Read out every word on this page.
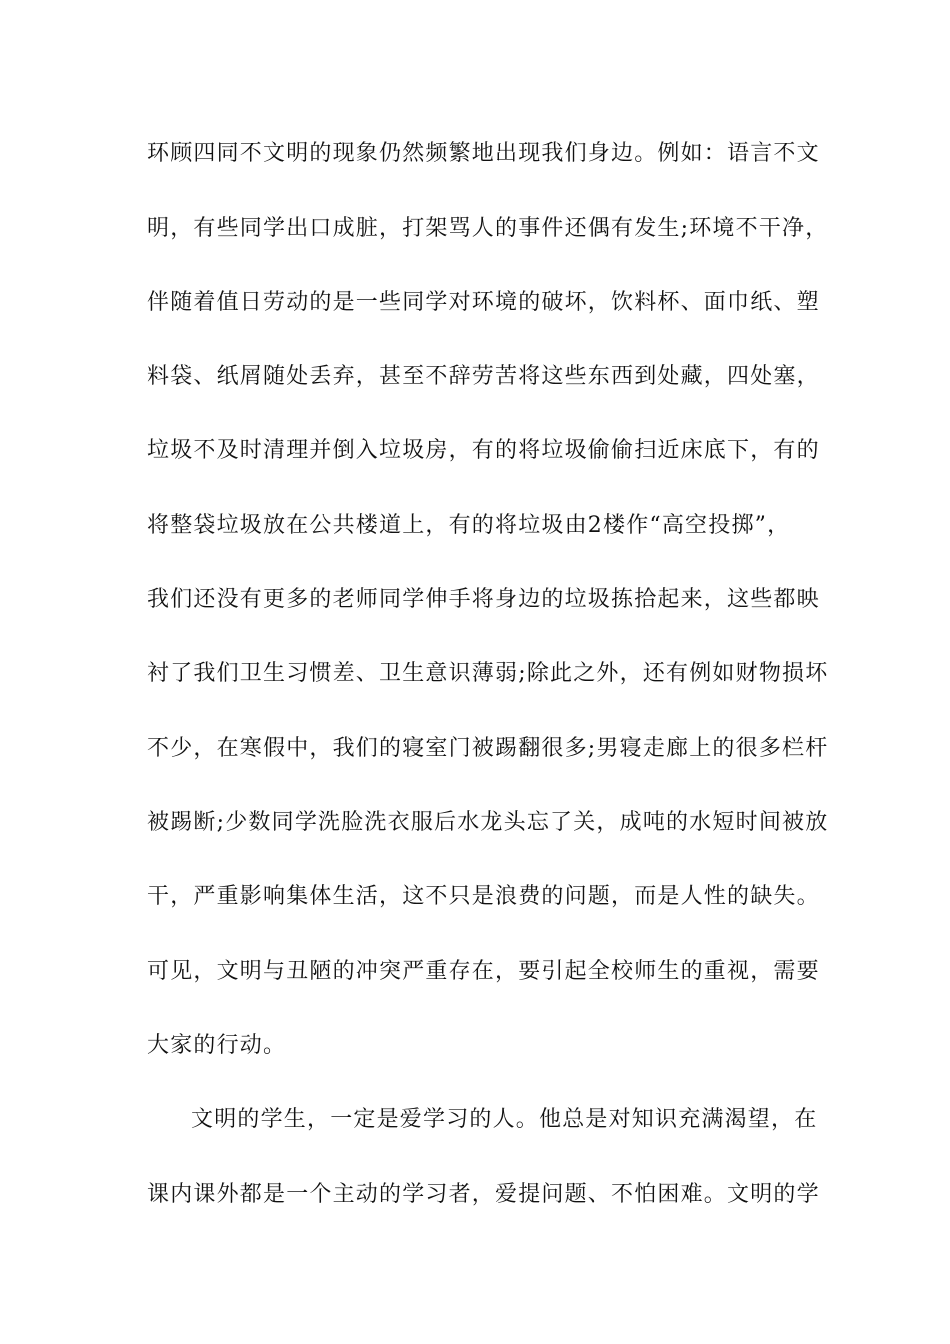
环顾四同不文明的现象仍然频繁地出现我们身边。例如：语言不文
明，有些同学出口成脏，打架骂人的事件还偶有发生;环境不干净，
伴随着值日劳动的是一些同学对环境的破坏，饮料杯、面巾纸、塑
料袋、纸屑随处丢弃，甚至不辞劳苦将这些东西到处藏，四处塞，
垃圾不及时清理并倒入垃圾房，有的将垃圾偷偷扫近床底下，有的
将整袋垃圾放在公共楼道上，有的将垃圾由2楼作“高空投掷”，
我们还没有更多的老师同学伸手将身边的垃圾拣拾起来，这些都映
衬了我们卫生习惯差、卫生意识薄弱;除此之外，还有例如财物损坏
不少，在寒假中，我们的寝室门被踢翻很多;男寝走廊上的很多栏杆
被踢断;少数同学洗脸洗衣服后水龙头忘了关，成吨的水短时间被放
干，严重影响集体生活，这不只是浪费的问题，而是人性的缺失。
可见，文明与丑陋的冲突严重存在，要引起全校师生的重视，需要
大家的行动。
文明的学生，一定是爱学习的人。他总是对知识充满渴望，在
课内课外都是一个主动的学习者，爱提问题、不怕困难。文明的学
